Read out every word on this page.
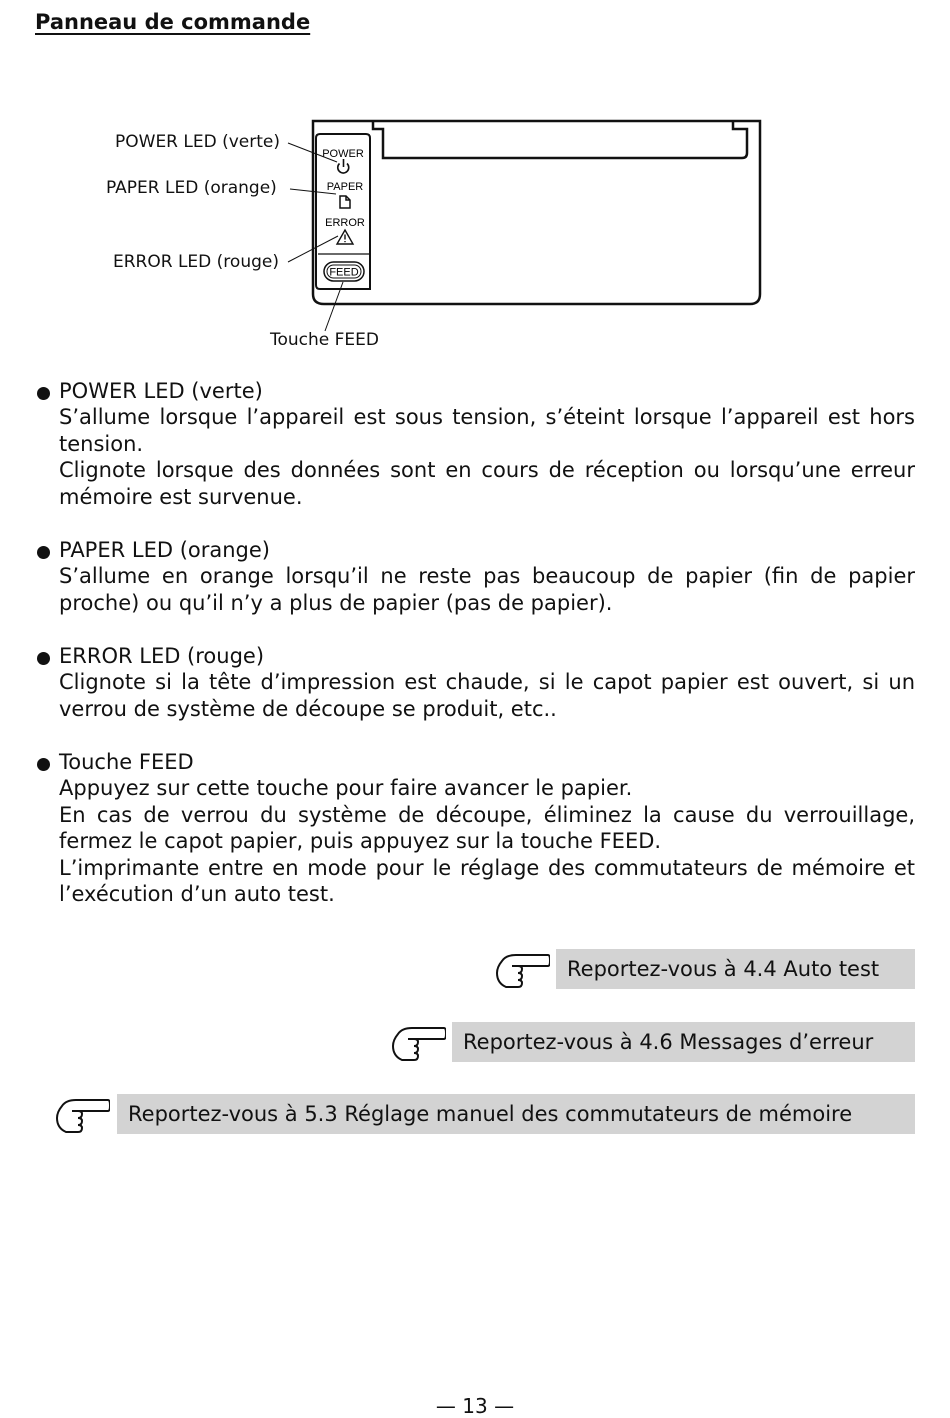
Panneau de commande
POWER
PAPER
ERROR
FEED
POWER LED (verte)
PAPER LED (orange)
ERROR LED (rouge)
Touche FEED
POWER LED (verte)

S’allume lorsque l’appareil est sous tension, s’éteint lorsque l’appareil est hors tension.

Clignote lorsque des données sont en cours de réception ou lorsqu’une erreur mémoire est survenue.

PAPER LED (orange)

S’allume en orange lorsqu’il ne reste pas beaucoup de papier (fin de papier proche) ou qu’il n’y a plus de papier (pas de papier).

ERROR LED (rouge)

Clignote si la tête d’impression est chaude, si le capot papier est ouvert, si un verrou de système de découpe se produit, etc..

Touche FEED

Appuyez sur cette touche pour faire avancer le papier.

En cas de verrou du système de découpe, éliminez la cause du verrouillage, fermez le capot papier, puis appuyez sur la touche FEED.

L’imprimante entre en mode pour le réglage des commutateurs de mémoire et l’exécution d’un auto test.

Reportez-vous à 4.4 Auto test
Reportez-vous à 4.6 Messages d’erreur
Reportez-vous à 5.3 Réglage manuel des commutateurs de mémoire
— 13 —
